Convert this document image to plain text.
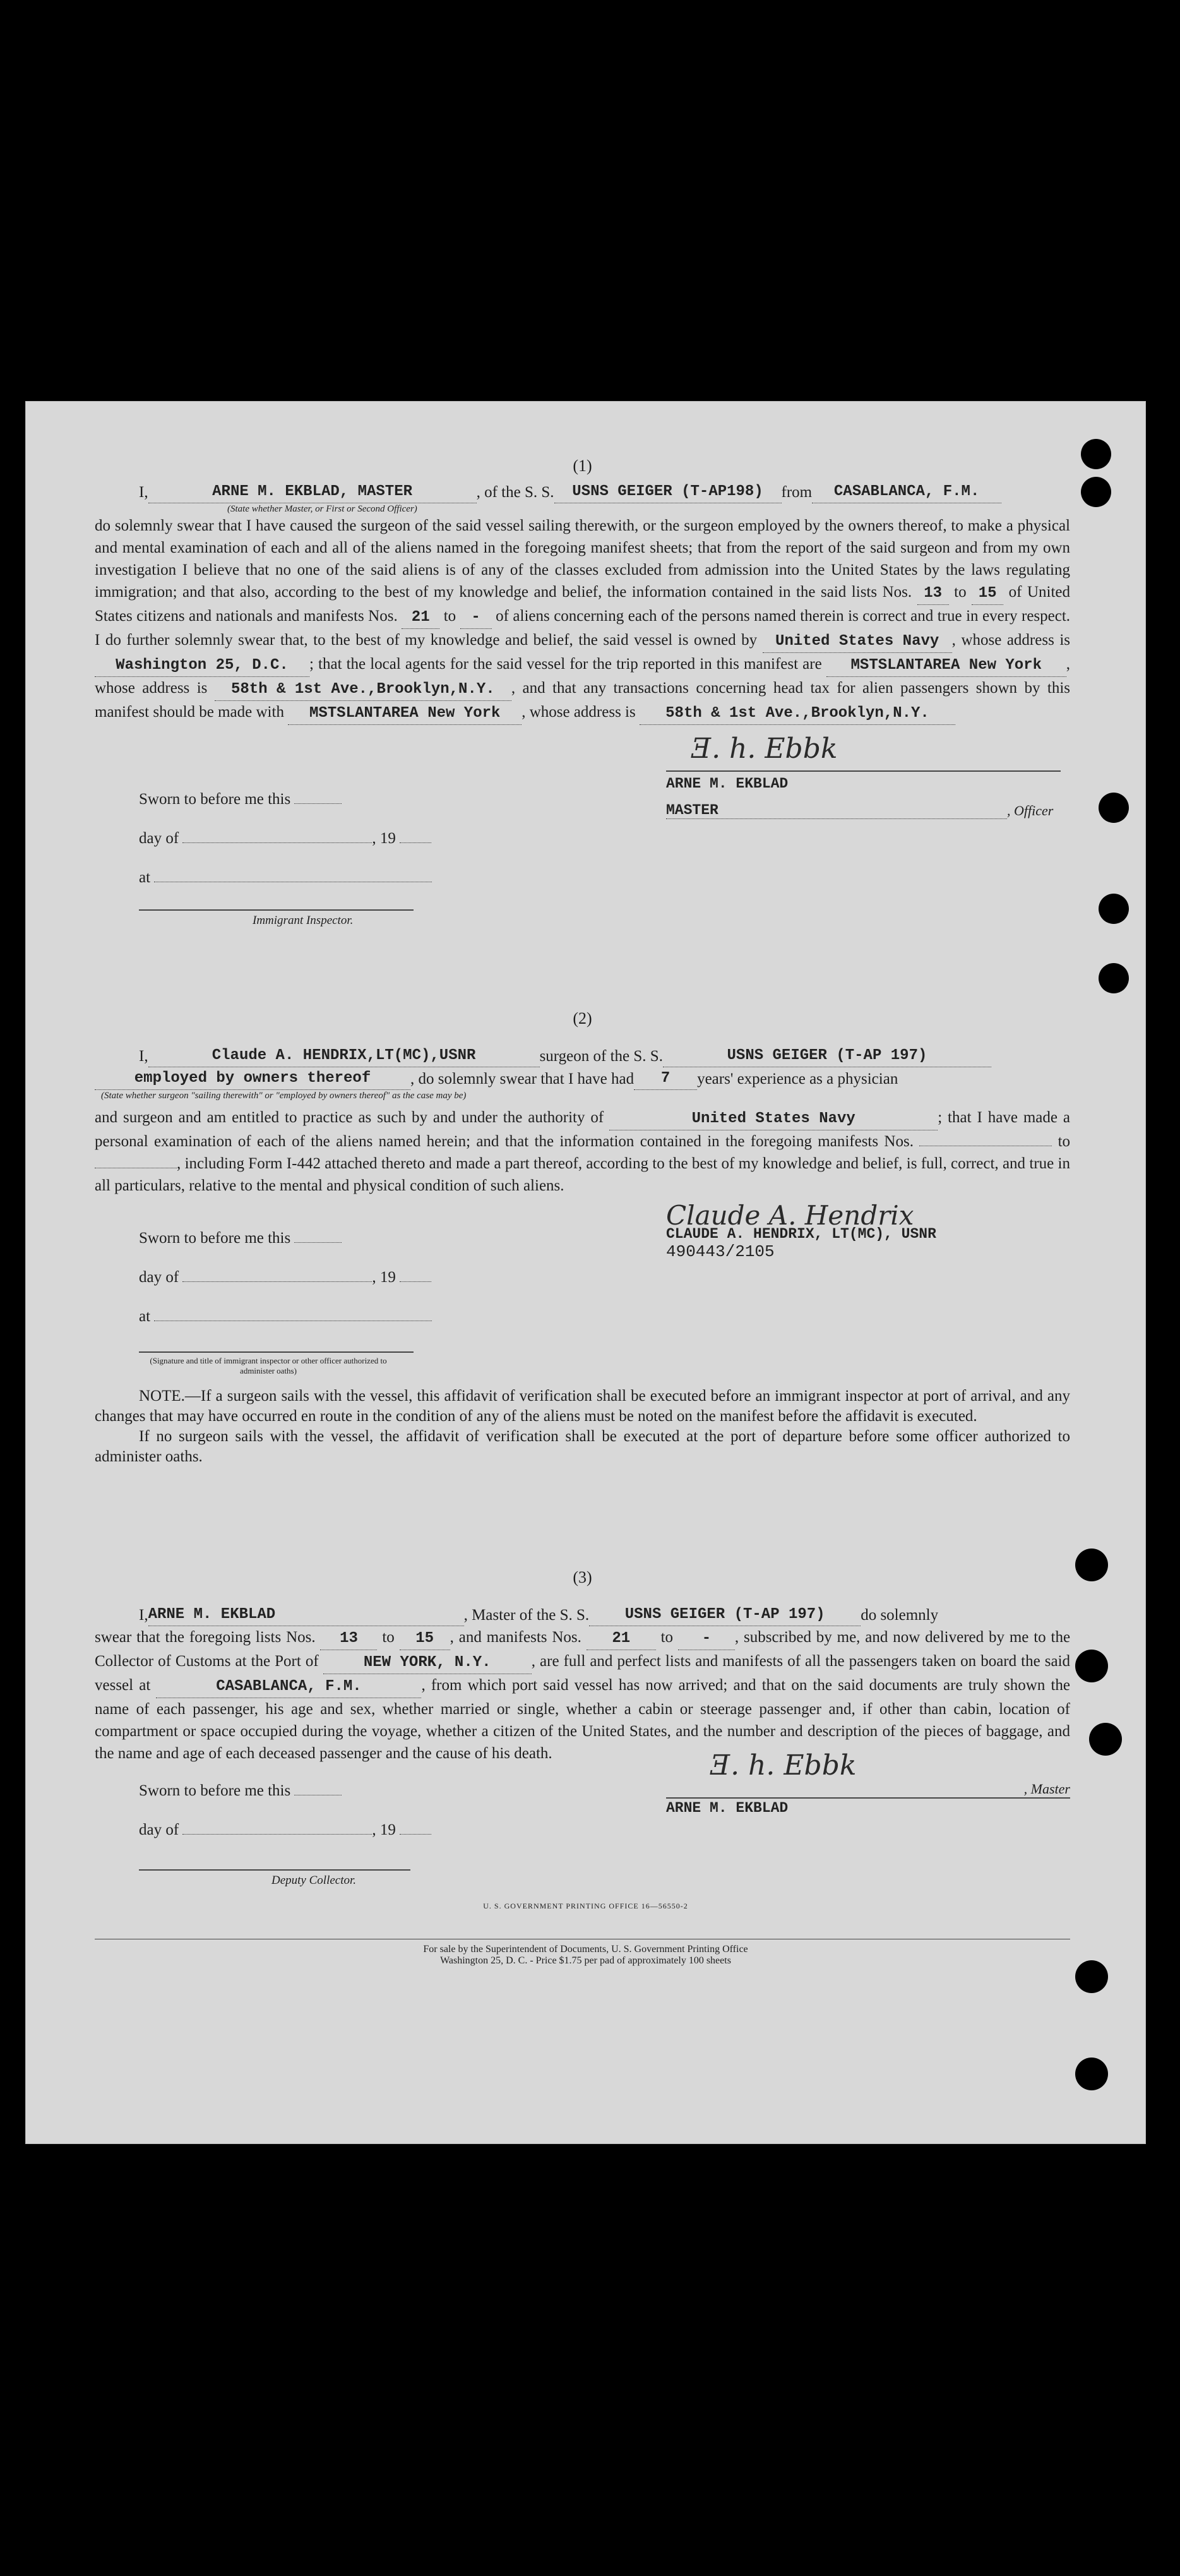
(1)
I,	ARNE M. EKBLAD, MASTER	, of the S. S.	USNS GEIGER (T-AP198)	from	CASABLANCA, F.M.
(State whether Master, or First or Second Officer)
do solemnly swear that I have caused the surgeon of the said vessel sailing therewith, or the surgeon employed by the owners thereof, to make a physical and mental examination of each and all of the aliens named in the foregoing manifest sheets; that from the report of the said surgeon and from my own investigation I believe that no one of the said aliens is of any of the classes excluded from admission into the United States by the laws regulating immigration; and that also, according to the best of my knowledge and belief, the information contained in the said lists Nos. 13 to 15 of United States citizens and nationals and manifests Nos. 21 to - of aliens concerning each of the persons named therein is correct and true in every respect. I do further solemnly swear that, to the best of my knowledge and belief, the said vessel is owned by United States Navy , whose address is Washington 25, D.C. ; that the local agents for the said vessel for the trip reported in this manifest are MSTSLANTAREA New York , whose address is 58th & 1st Ave.,Brooklyn,N.Y. , and that any transactions concerning head tax for alien passengers shown by this manifest should be made with MSTSLANTAREA New York , whose address is 58th & 1st Ave.,Brooklyn,N.Y.
Sworn to before me this
day of	, 19
at
Immigrant Inspector.
Ǝ. h. Ebbk
ARNE M. EKBLAD
MASTER	, Officer
(2)
I,	Claude A. HENDRIX,LT(MC),USNR	surgeon of the S. S.	USNS GEIGER (T-AP 197)
employed by owners thereof	, do solemnly swear that I have had	7	years' experience as a physician
(State whether surgeon "sailing therewith" or "employed by owners thereof" as the case may be)
and surgeon and am entitled to practice as such by and under the authority of	United States Navy	; that I have made a personal examination of each of the aliens named herein; and that the information contained in the foregoing manifests Nos.	to , including Form I-442 attached thereto and made a part thereof, according to the best of my knowledge and belief, is full, correct, and true in all particulars, relative to the mental and physical condition of such aliens.
Sworn to before me this
day of	, 19
at
(Signature and title of immigrant inspector or other officer authorized to administer oaths)
Claude A. Hendrix
CLAUDE A. HENDRIX, LT(MC), USNR
490443/2105
NOTE.—If a surgeon sails with the vessel, this affidavit of verification shall be executed before an immigrant inspector at port of arrival, and any changes that may have occurred en route in the condition of any of the aliens must be noted on the manifest before the affidavit is executed.
If no surgeon sails with the vessel, the affidavit of verification shall be executed at the port of departure before some officer authorized to administer oaths.
(3)
I, ARNE M. EKBLAD	, Master of the S. S.	USNS GEIGER (T-AP 197)	do solemnly
swear that the foregoing lists Nos. 13 to 15 , and manifests Nos. 21 to - , subscribed by me, and now delivered by me to the Collector of Customs at the Port of	NEW YORK, N.Y.	, are full and perfect lists and manifests of all the passengers taken on board the said vessel at	CASABLANCA, F.M.	, from which port said vessel has now arrived; and that on the said documents are truly shown the name of each passenger, his age and sex, whether married or single, whether a cabin or steerage passenger and, if other than cabin, location of compartment or space occupied during the voyage, whether a citizen of the United States, and the number and description of the pieces of baggage, and the name and age of each deceased passenger and the cause of his death.
Sworn to before me this
day of	, 19
Deputy Collector.
Ǝ. h. Ebbk
, Master
ARNE M. EKBLAD
U. S. GOVERNMENT PRINTING OFFICE 16—56550-2
For sale by the Superintendent of Documents, U. S. Government Printing Office
Washington 25, D. C. - Price $1.75 per pad of approximately 100 sheets
